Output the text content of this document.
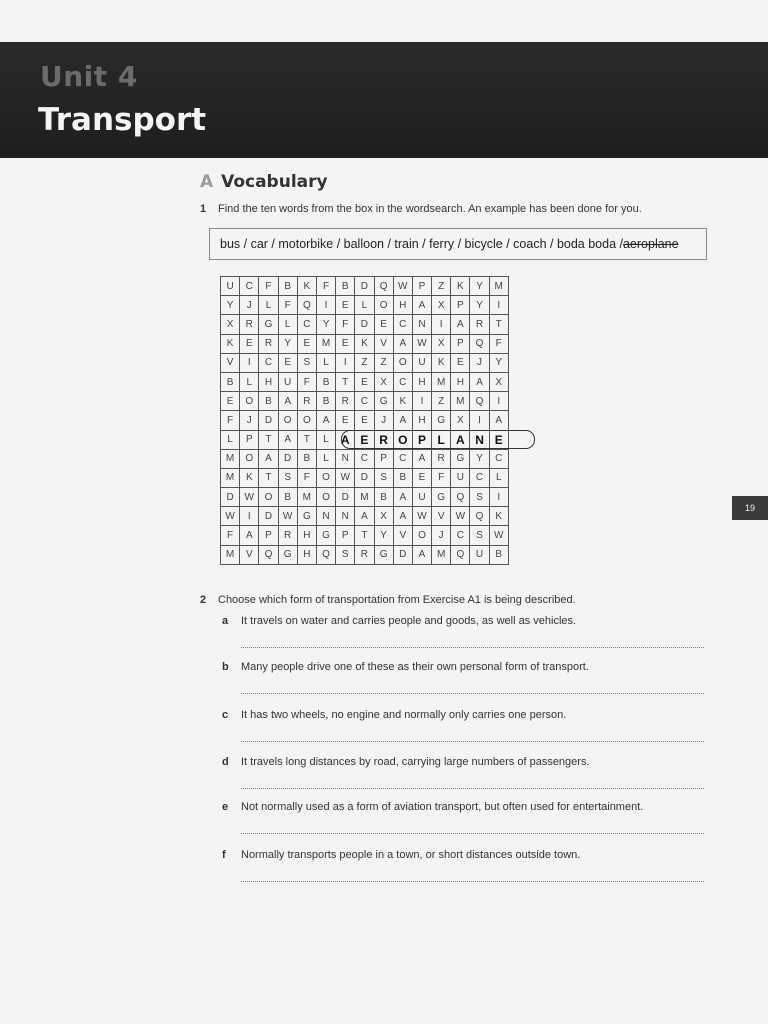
Unit 4
Transport
A Vocabulary
1 Find the ten words from the box in the wordsearch. An example has been done for you.
bus / car / motorbike / balloon / train / ferry / bicycle / coach / boda boda / aeroplane
U	C	F	B	K	F	B	D	Q	W	P	Z	K	Y	M
Y	J	L	F	Q	I	E	L	O	H	A	X	P	Y	I
X	R	G	L	C	Y	F	D	E	C	N	I	A	R	T
K	E	R	Y	E	M	E	K	V	A	W	X	P	Q	F
V	I	C	E	S	L	I	Z	Z	O	U	K	E	J	Y
B	L	H	U	F	B	T	E	X	C	H	M	H	A	X
E	O	B	A	R	B	R	C	G	K	I	Z	M	Q	I
F	J	D	O	O	A	E	E	J	A	H	G	X	I	A
L	P	T	A	T	L	A E R O P L A N E
M	O	A	D	B	L	N	C	P	C	A	R	G	Y	C
M	K	T	S	F	O	W	D	S	B	E	F	U	C	L
D	W	O	B	M	O	D	M	B	A	U	G	Q	S	I
W	I	D	W	G	N	N	A	X	A	W	V	W	Q	K
F	A	P	R	H	G	P	T	Y	V	O	J	C	S	W
M	V	Q	G	H	Q	S	R	G	D	A	M	Q	U	B
2 Choose which form of transportation from Exercise A1 is being described.
a It travels on water and carries people and goods, as well as vehicles.
b Many people drive one of these as their own personal form of transport.
c It has two wheels, no engine and normally only carries one person.
d It travels long distances by road, carrying large numbers of passengers.
e Not normally used as a form of aviation transport, but often used for entertainment.
f Normally transports people in a town, or short distances outside town.
19
